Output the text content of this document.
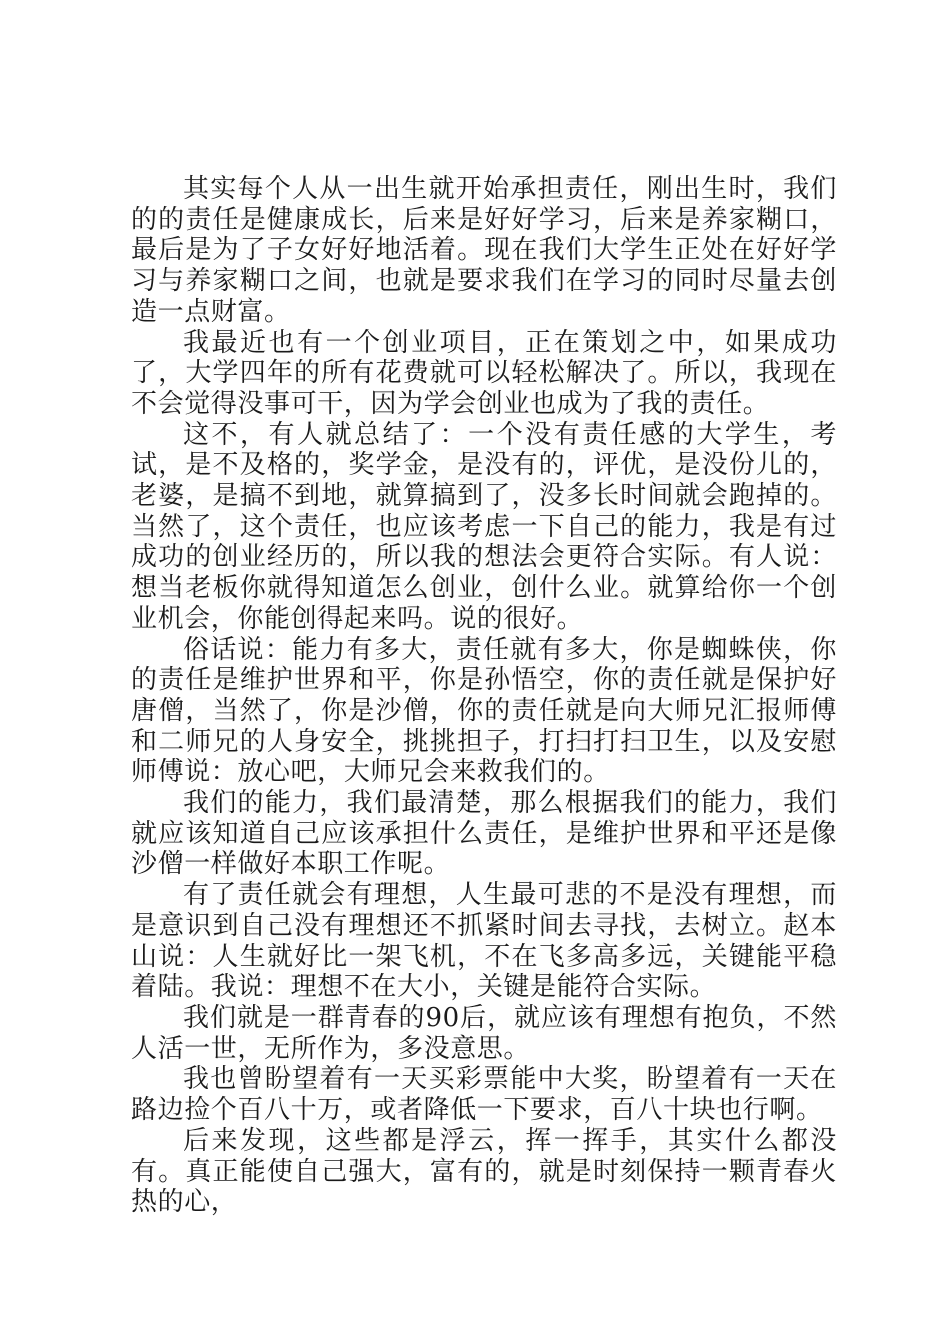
其实每个人从一出生就开始承担责任，刚出生时，我们的的责任是健康成长，后来是好好学习，后来是养家糊口，最后是为了子女好好地活着。现在我们大学生正处在好好学习与养家糊口之间，也就是要求我们在学习的同时尽量去创造一点财富。

我最近也有一个创业项目，正在策划之中，如果成功了，大学四年的所有花费就可以轻松解决了。所以，我现在不会觉得没事可干，因为学会创业也成为了我的责任。

这不，有人就总结了：一个没有责任感的大学生，考试，是不及格的，奖学金，是没有的，评优，是没份儿的，老婆，是搞不到地，就算搞到了，没多长时间就会跑掉的。当然了，这个责任，也应该考虑一下自己的能力，我是有过成功的创业经历的，所以我的想法会更符合实际。有人说：想当老板你就得知道怎么创业，创什么业。就算给你一个创业机会，你能创得起来吗。说的很好。

俗话说：能力有多大，责任就有多大，你是蜘蛛侠，你的责任是维护世界和平，你是孙悟空，你的责任就是保护好唐僧，当然了，你是沙僧，你的责任就是向大师兄汇报师傅和二师兄的人身安全，挑挑担子，打扫打扫卫生，以及安慰师傅说：放心吧，大师兄会来救我们的。

我们的能力，我们最清楚，那么根据我们的能力，我们就应该知道自己应该承担什么责任，是维护世界和平还是像沙僧一样做好本职工作呢。

有了责任就会有理想，人生最可悲的不是没有理想，而是意识到自己没有理想还不抓紧时间去寻找，去树立。赵本山说：人生就好比一架飞机，不在飞多高多远，关键能平稳着陆。我说：理想不在大小，关键是能符合实际。

我们就是一群青春的90后，就应该有理想有抱负，不然人活一世，无所作为，多没意思。

我也曾盼望着有一天买彩票能中大奖，盼望着有一天在路边捡个百八十万，或者降低一下要求，百八十块也行啊。

后来发现，这些都是浮云，挥一挥手，其实什么都没有。真正能使自己强大，富有的，就是时刻保持一颗青春火热的心，
